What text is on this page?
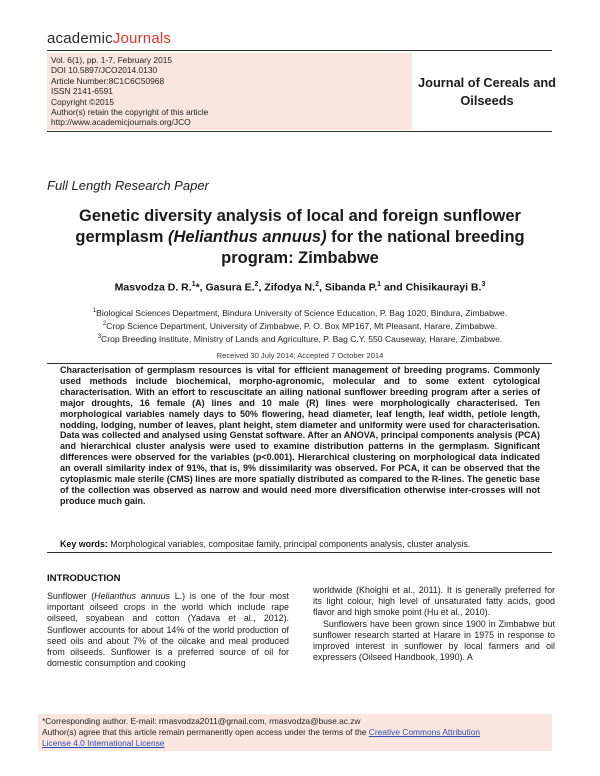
academicJournals
Vol. 6(1), pp. 1-7, February 2015
DOI 10.5897/JCO2014.0130
Article Number:8C1C6C50968
ISSN 2141-6591
Copyright ©2015
Author(s) retain the copyright of this article
http://www.academicjournals.org/JCO
Journal of Cereals and
Oilseeds
Full Length Research Paper
Genetic diversity analysis of local and foreign sunflower germplasm (Helianthus annuus) for the national breeding program: Zimbabwe
Masvodza D. R.$^1$*, Gasura E.$^2$, Zifodya N.$^2$, Sibanda P.$^1$ and Chisikaurayi B.$^3$
$^1$Biological Sciences Department, Bindura University of Science Education, P. Bag 1020, Bindura, Zimbabwe.
$^2$Crop Science Department, University of Zimbabwe, P. O. Box MP167, Mt Pleasant, Harare, Zimbabwe.
$^3$Crop Breeding Institute, Ministry of Lands and Agriculture, P. Bag C.Y. 550 Causeway, Harare, Zimbabwe.
Received 30 July 2014; Accepted 7 October 2014
Characterisation of germplasm resources is vital for efficient management of breeding programs. Commonly used methods include biochemical, morpho-agronomic, molecular and to some extent cytological characterisation. With an effort to rescuscitate an ailing national sunflower breeding program after a series of major droughts, 16 female (A) lines and 10 male (R) lines were morphologically characterised. Ten morphological variables namely days to 50% flowering, head diameter, leaf length, leaf width, petiole length, nodding, lodging, number of leaves, plant height, stem diameter and uniformity were used for characterisation. Data was collected and analysed using Genstat software. After an ANOVA, principal components analysis (PCA) and hierarchical cluster analysis were used to examine distribution patterns in the germplasm. Significant differences were observed for the variables (p<0.001). Hierarchical clustering on morphological data indicated an overall similarity index of 91%, that is, 9% dissimilarity was observed. For PCA, it can be observed that the cytoplasmic male sterile (CMS) lines are more spatially distributed as compared to the R-lines. The genetic base of the collection was observed as narrow and would need more diversification otherwise inter-crosses will not produce much gain.
Key words: Morphological variables, compositae family, principal components analysis, cluster analysis.
INTRODUCTION

Sunflower (Helianthus annuus L.) is one of the four most important oilseed crops in the world which include rape oilseed, soyabean and cotton (Yadava et al., 2012). Sunflower accounts for about 14% of the world production of seed oils and about 7% of the oilcake and meal produced from oilseeds. Sunflower is a preferred source of oil for domestic consumption and cooking

worldwide (Kholghi et al., 2011). It is generally preferred for its light colour, high level of unsaturated fatty acids, good flavor and high smoke point (Hu et al., 2010).

Sunflowers have been grown since 1900 in Zimbabwe but sunflower research started at Harare in 1975 in response to improved interest in sunflower by local farmers and oil expressers (Oilseed Handbook, 1990). A

*Corresponding author. E-mail: rmasvodza2011@gmail.com, rmasvodza@buse.ac.zw
Author(s) agree that this article remain permanently open access under the terms of the Creative Commons Attribution
License 4.0 International License
